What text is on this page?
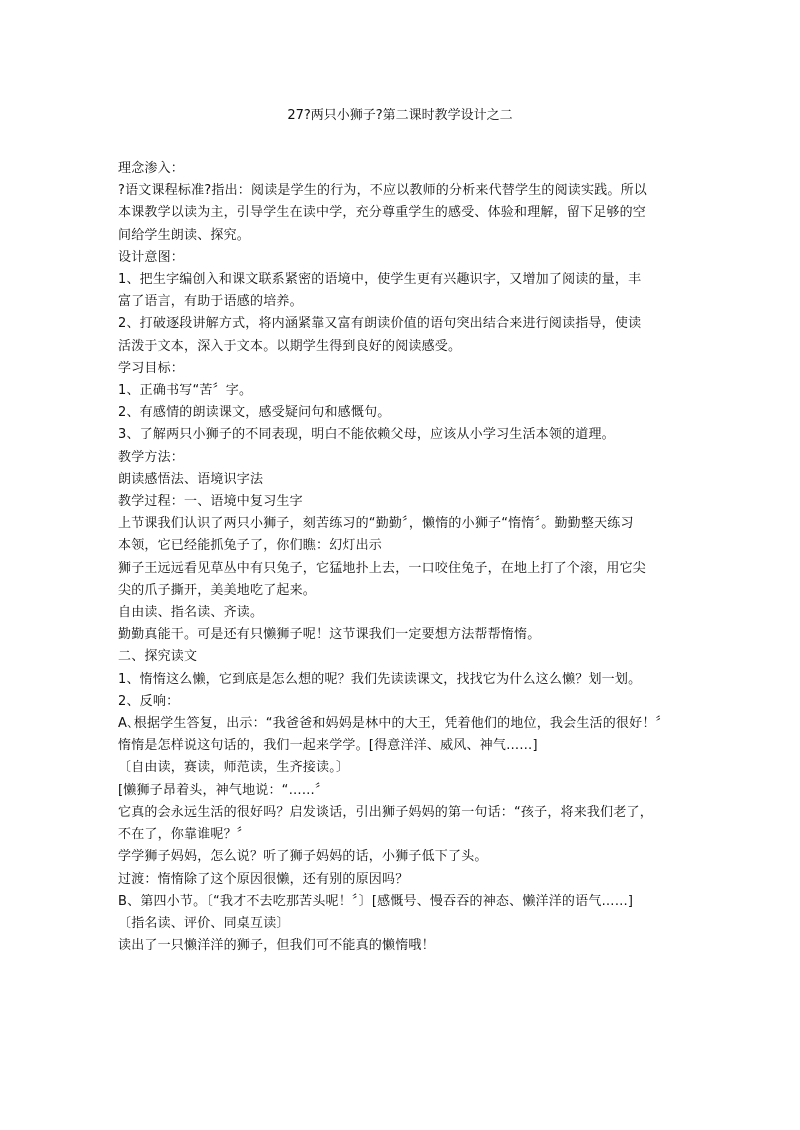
27?两只小狮子?第二课时教学设计之二
理念渗入：
?语文课程标准?指出：阅读是学生的行为，不应以教师的分析来代替学生的阅读实践。所以
本课教学以读为主，引导学生在读中学，充分尊重学生的感受、体验和理解，留下足够的空
间给学生朗读、探究。
设计意图：
1、把生字编创入和课文联系紧密的语境中，使学生更有兴趣识字，又增加了阅读的量，丰
富了语言，有助于语感的培养。
2、打破逐段讲解方式，将内涵紧靠又富有朗读价值的语句突出结合来进行阅读指导，使读
活泼于文本，深入于文本。以期学生得到良好的阅读感受。
学习目标：
1、正确书写“苦〞字。
2、有感情的朗读课文，感受疑问句和感慨句。
3、了解两只小狮子的不同表现，明白不能依赖父母，应该从小学习生活本领的道理。
教学方法：
朗读感悟法、语境识字法
教学过程：一、语境中复习生字
上节课我们认识了两只小狮子，刻苦练习的“勤勤〞，懒惰的小狮子“惰惰〞。勤勤整天练习
本领，它已经能抓兔子了，你们瞧：幻灯出示
狮子王远远看见草丛中有只兔子，它猛地扑上去，一口咬住兔子，在地上打了个滚，用它尖
尖的爪子撕开，美美地吃了起来。
自由读、指名读、齐读。
勤勤真能干。可是还有只懒狮子呢！这节课我们一定要想方法帮帮惰惰。
二、探究读文
1、惰惰这么懒，它到底是怎么想的呢？我们先读读课文，找找它为什么这么懒？划一划。
2、反响：
A､根据学生答复，出示：“我爸爸和妈妈是林中的大王，凭着他们的地位，我会生活的很好！〞
惰惰是怎样说这句话的，我们一起来学学。[得意洋洋、威风、神气……]
〔自由读，赛读，师范读，生齐接读。〕
[懒狮子昂着头，神气地说：“……〞
它真的会永远生活的很好吗？启发谈话，引出狮子妈妈的第一句话：“孩子，将来我们老了，
不在了，你靠谁呢？〞
学学狮子妈妈，怎么说？听了狮子妈妈的话，小狮子低下了头。
过渡：惰惰除了这个原因很懒，还有别的原因吗？
B、第四小节。〔“我才不去吃那苦头呢！〞〕[感慨号、慢吞吞的神态、懒洋洋的语气……]
〔指名读、评价、同桌互读〕
读出了一只懒洋洋的狮子，但我们可不能真的懒惰哦！
